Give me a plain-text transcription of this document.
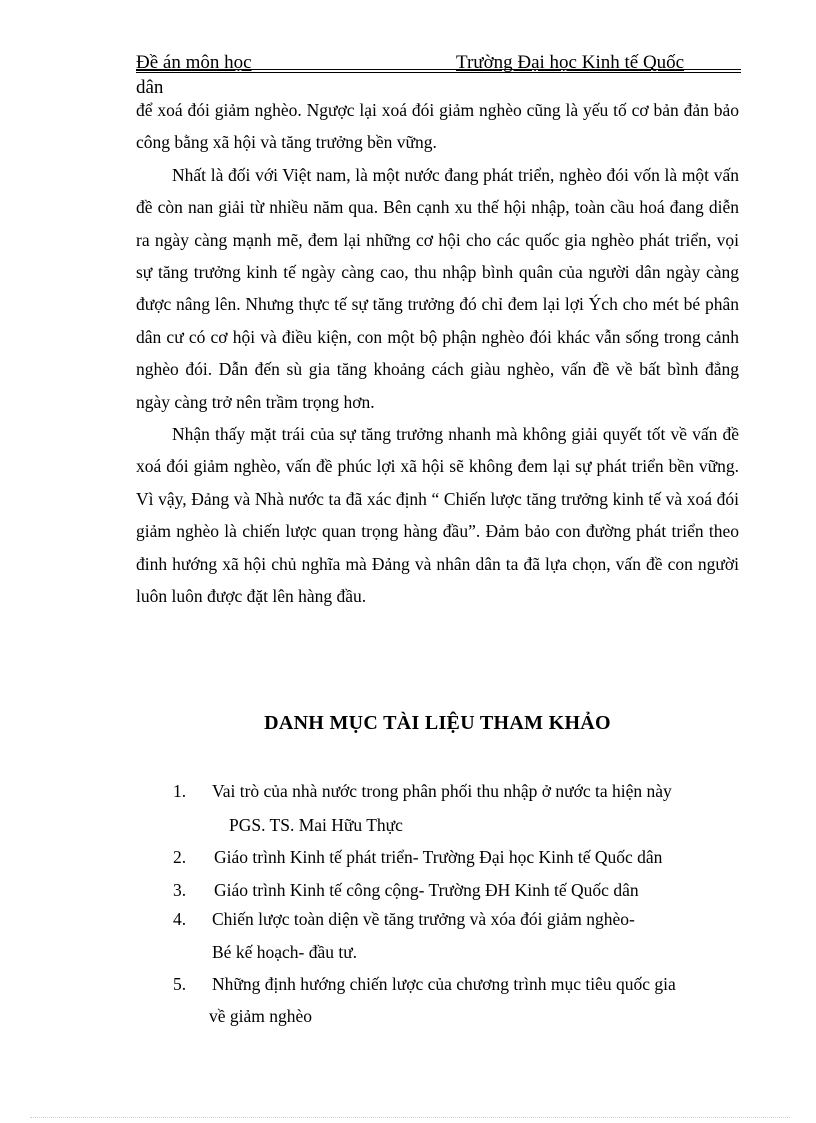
Đề án môn học	Trường Đại học Kinh tế Quốc
dân

để xoá đói giảm nghèo. Ngược lại xoá đói giảm nghèo cũng là yếu tố cơ bản đản bảo công bằng xã hội và tăng trưởng bền vững.

Nhất là đối với Việt nam, là một nước đang phát triển, nghèo đói vốn là một vấn đề còn nan giải từ nhiều năm qua. Bên cạnh xu thế hội nhập, toàn cầu hoá đang diễn ra ngày càng mạnh mẽ, đem lại những cơ hội cho các quốc gia nghèo phát triển, vọi sự tăng trưởng kinh tế ngày càng cao, thu nhập bình quân của người dân ngày càng được nâng lên. Nhưng thực tế sự tăng trưởng đó chỉ đem lại lợi Ých cho mét bé phân dân cư có cơ hội và điều kiện, con một bộ phận nghèo đói khác vẫn sống trong cảnh nghèo đói. Dẫn đến sù gia tăng khoảng cách giàu nghèo, vấn đề về bất bình đẳng ngày càng trở nên trầm trọng hơn.

Nhận thấy mặt trái của sự tăng trưởng nhanh mà không giải quyết tốt về vấn đề xoá đói giảm nghèo, vấn đề phúc lợi xã hội sẽ không đem lại sự phát triển bền vững. Vì vậy, Đảng và Nhà nước ta đã xác định “ Chiến lược tăng trưởng kinh tế và xoá đói giảm nghèo là chiến lược quan trọng hàng đầu”. Đảm bảo con đường phát triển theo đinh hướng xã hội chủ nghĩa mà Đảng và nhân dân ta đã lựa chọn, vấn đề con người luôn luôn được đặt lên hàng đầu.

DANH MỤC TÀI LIỆU THAM KHẢO
1.	Vai trò của nhà nước trong phân phối thu nhập ở nước ta hiện này
PGS. TS. Mai Hữu Thực
2.	Giáo trình Kinh tế phát triển- Trường Đại học Kinh tế Quốc dân
3.	Giáo trình Kinh tế công cộng- Trường ĐH Kinh tế Quốc dân
4.	Chiến lược toàn diện về tăng trưởng và xóa đói giảm nghèo-
Bé kế hoạch- đầu tư.
5.	Những định hướng chiến lược của chương trình mục tiêu quốc gia
về giảm nghèo
